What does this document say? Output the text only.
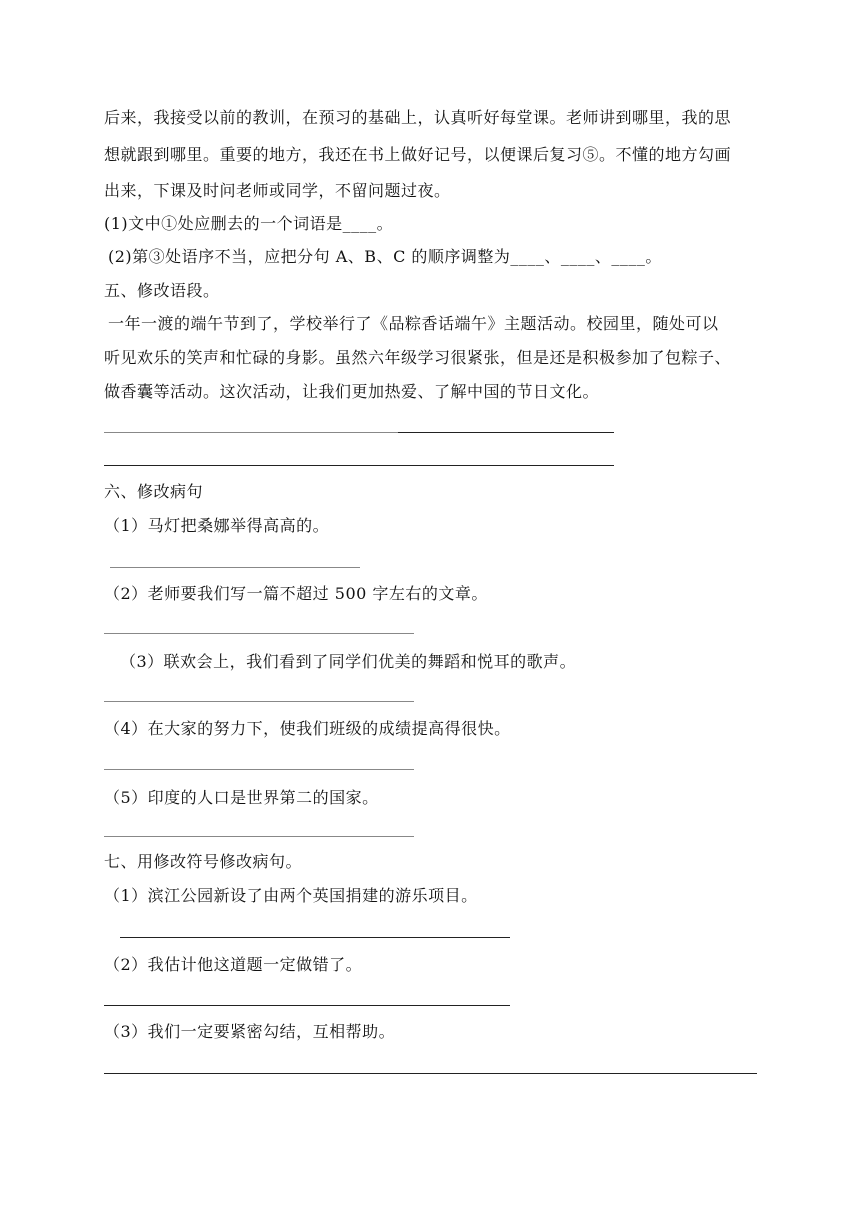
后来，我接受以前的教训，在预习的基础上，认真听好每堂课。老师讲到哪里，我的思
想就跟到哪里。重要的地方，我还在书上做好记号，以便课后复习⑤。不懂的地方勾画
出来，下课及时问老师或同学，不留问题过夜。
(1)文中①处应删去的一个词语是____。
(2)第③处语序不当，应把分句 A、B、C 的顺序调整为____、____、____。
五、修改语段。
一年一渡的端午节到了，学校举行了《品粽香话端午》主题活动。校园里，随处可以
听见欢乐的笑声和忙碌的身影。虽然六年级学习很紧张，但是还是积极参加了包粽子、
做香囊等活动。这次活动，让我们更加热爱、了解中国的节日文化。
六、修改病句
（1）马灯把桑娜举得高高的。
（2）老师要我们写一篇不超过 500 字左右的文章。
（3）联欢会上，我们看到了同学们优美的舞蹈和悦耳的歌声。
（4）在大家的努力下，使我们班级的成绩提高得很快。
（5）印度的人口是世界第二的国家。
七、用修改符号修改病句。
（1）滨江公园新设了由两个英国捐建的游乐项目。
（2）我估计他这道题一定做错了。
（3）我们一定要紧密勾结，互相帮助。
